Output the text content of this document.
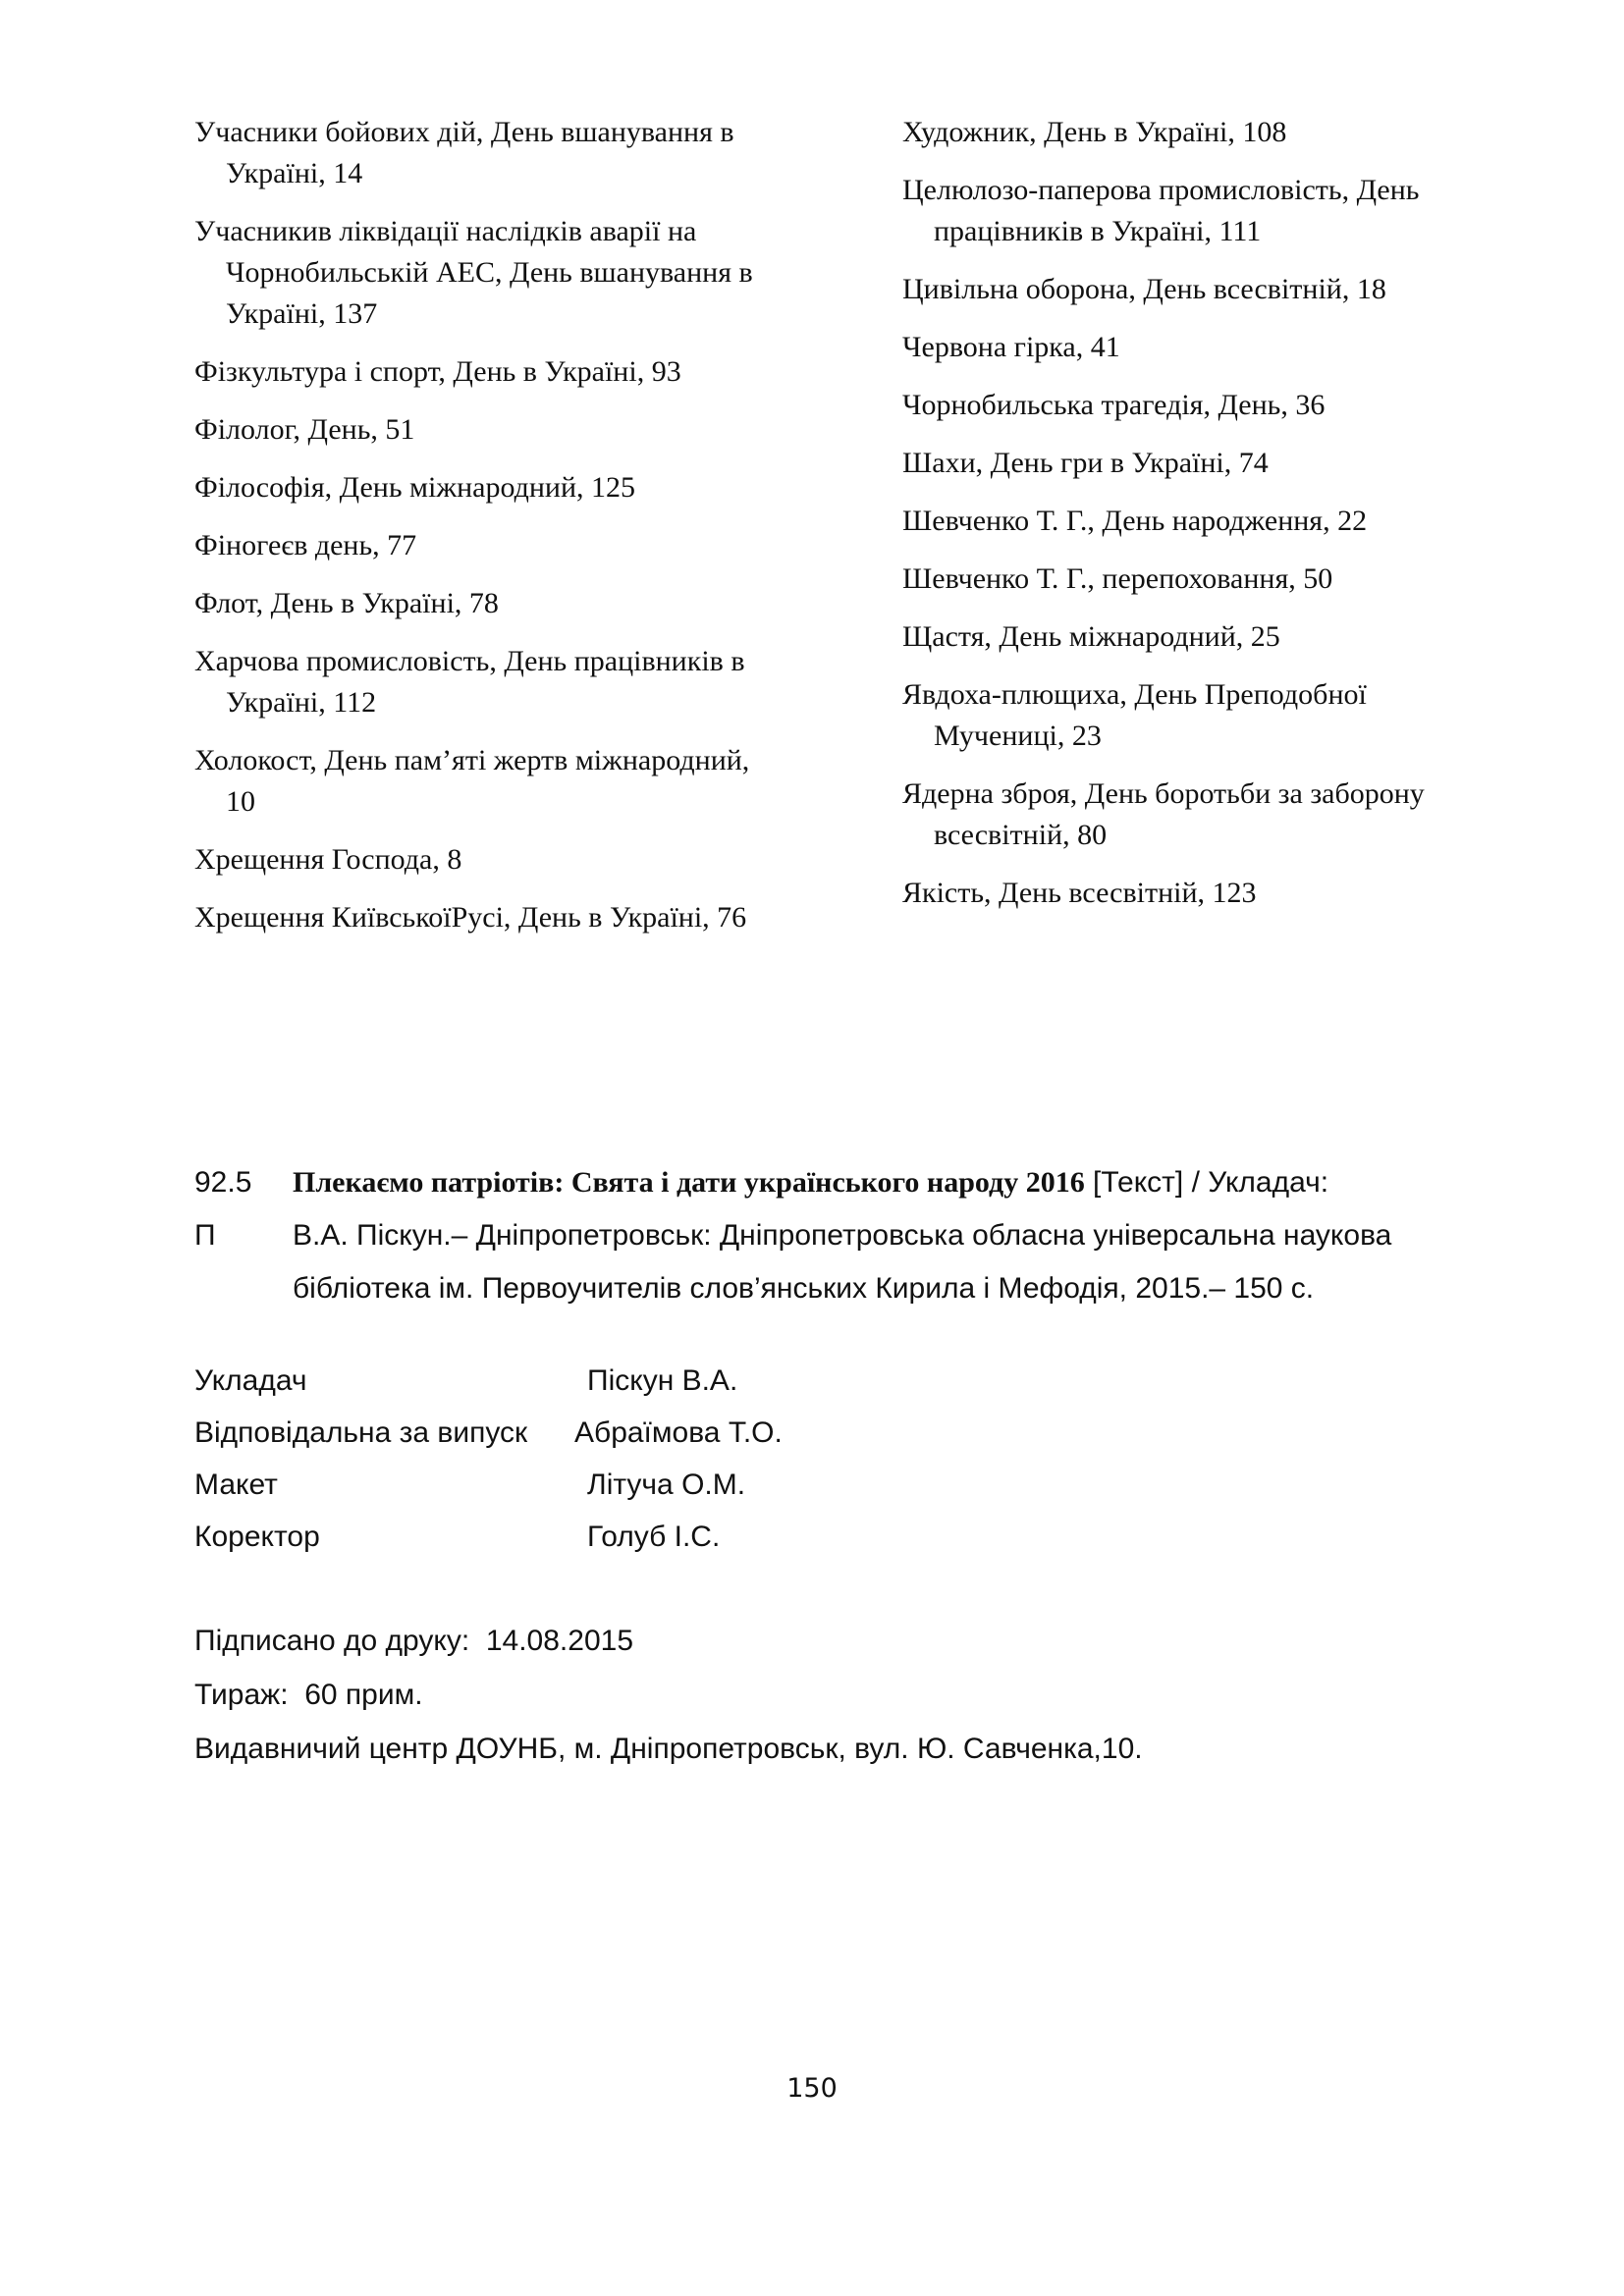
Учасники бойових дій, День вшанування в Україні, 14
Учасникив ліквідації наслідків аварії на Чорнобильській АЕС, День вшанування в Україні, 137
Фізкультура і спорт, День в Україні, 93
Філолог, День, 51
Філософія, День міжнародний, 125
Фіногеєв день, 77
Флот, День в Україні, 78
Харчова промисловість, День працівників в Україні, 112
Холокост, День пам’яті жертв міжнародний, 10
Хрещення Господа, 8
Хрещення КиївськоїРусі, День в Україні, 76
Художник, День в Україні, 108
Целюлозо-паперова промисловість, День працівників в Україні, 111
Цивільна оборона, День всесвітній, 18
Червона гірка, 41
Чорнобильська трагедія, День, 36
Шахи, День гри в Україні, 74
Шевченко Т. Г., День народження, 22
Шевченко Т. Г., перепоховання, 50
Щастя, День міжнародний, 25
Явдоха-плющиха, День Преподобної Мучениці, 23
Ядерна зброя, День боротьби за заборону всесвітній, 80
Якість, День всесвітній, 123
92.5	Плекаємо патріотів: Свята і дати українського народу 2016 [Текст] / Укладач:
П	В.А. Піскун.– Дніпропетровськ: Дніпропетровська обласна універсальна наукова
бібліотека ім. Первоучителів слов’янських Кирила і Мефодія, 2015.– 150 с.
Укладач	Піскун В.А.
Відповідальна за випуск	Абраїмова Т.О.
Макет	Літуча О.М.
Коректор	Голуб І.С.
Підписано до друку:  14.08.2015
Тираж:  60 прим.
Видавничий центр ДОУНБ, м. Дніпропетровськ, вул. Ю. Савченка,10.
150
